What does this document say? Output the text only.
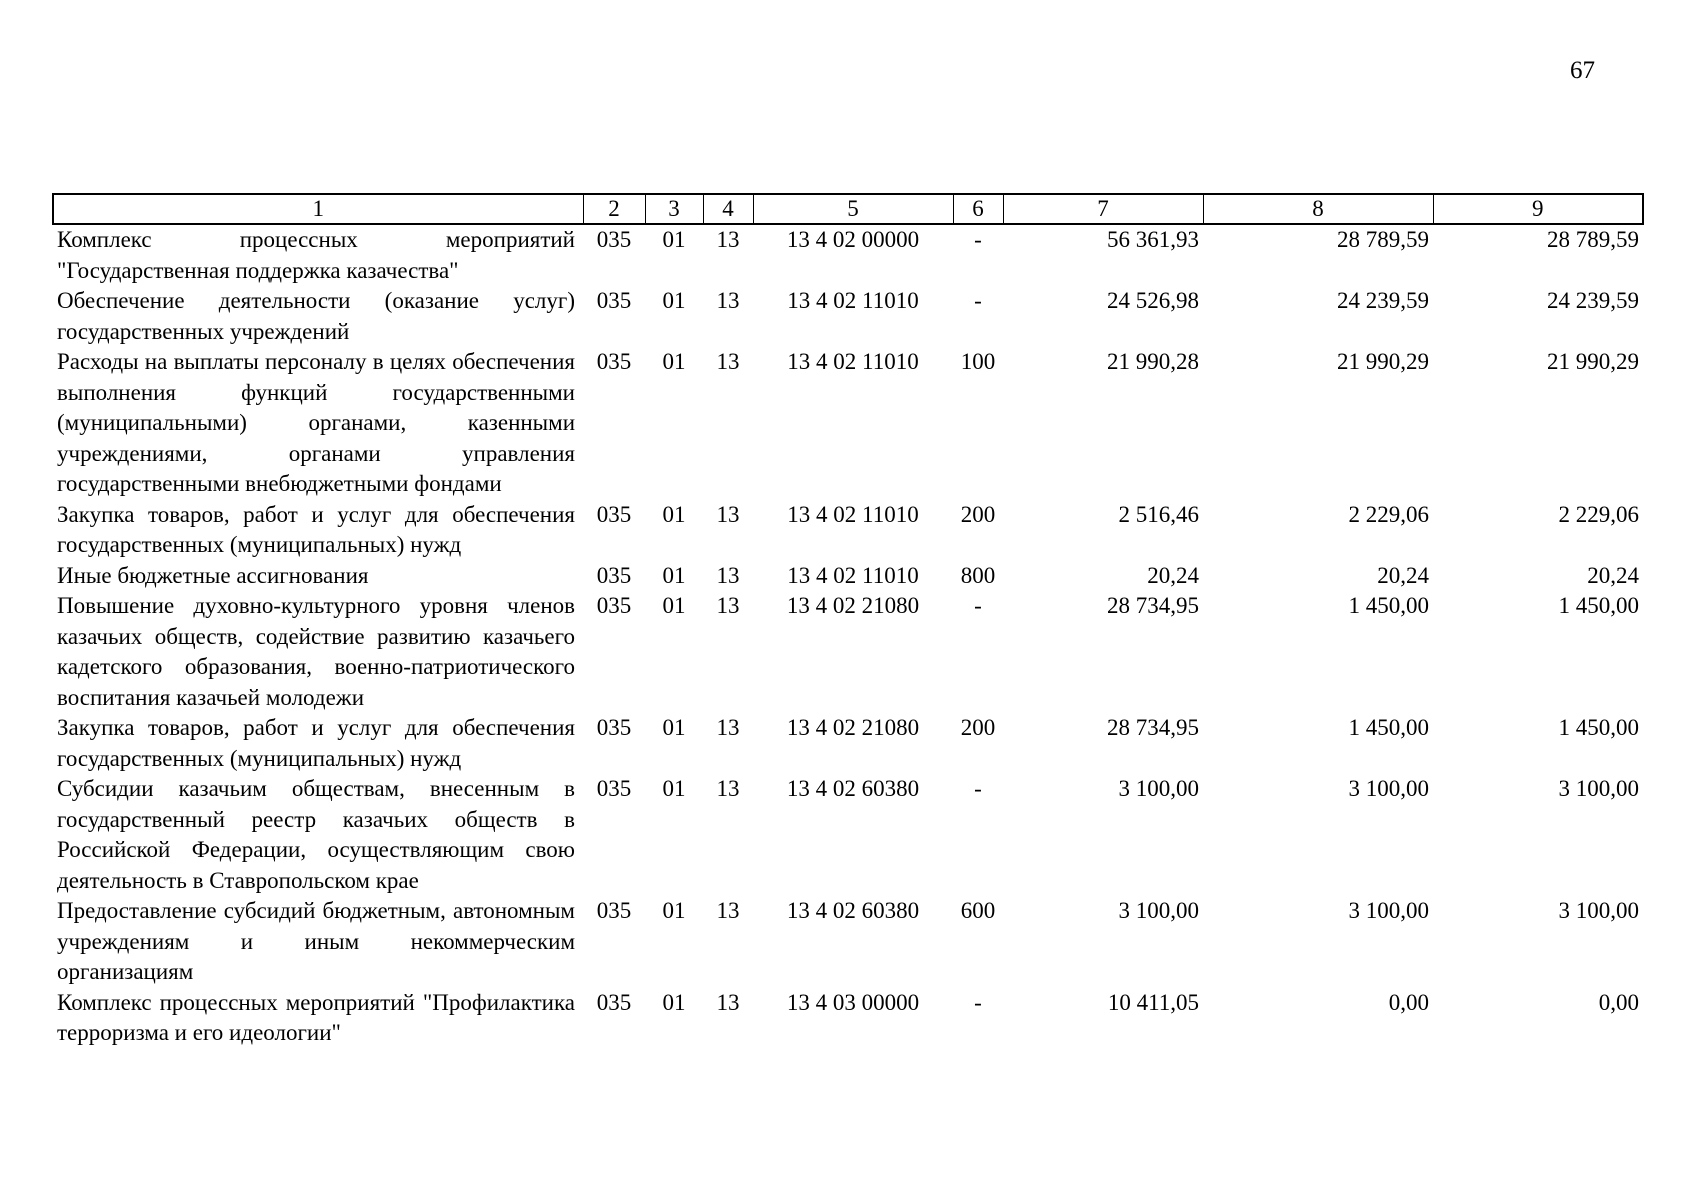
67
1	2	3	4	5	6	7	8	9
Комплекс процессных мероприятий "Государственная поддержка казачества"	035	01	13	13 4 02 00000	-	56 361,93	28 789,59	28 789,59
Обеспечение деятельности (оказание услуг) государственных учреждений	035	01	13	13 4 02 11010	-	24 526,98	24 239,59	24 239,59
Расходы на выплаты персоналу в целях обеспечения выполнения функций государственными (муниципальными) органами, казенными учреждениями, органами управления государственными внебюджетными фондами	035	01	13	13 4 02 11010	100	21 990,28	21 990,29	21 990,29
Закупка товаров, работ и услуг для обеспечения государственных (муниципальных) нужд	035	01	13	13 4 02 11010	200	2 516,46	2 229,06	2 229,06
Иные бюджетные ассигнования	035	01	13	13 4 02 11010	800	20,24	20,24	20,24
Повышение духовно-культурного уровня членов казачьих обществ, содействие развитию казачьего кадетского образования, военно-патриотического воспитания казачьей молодежи	035	01	13	13 4 02 21080	-	28 734,95	1 450,00	1 450,00
Закупка товаров, работ и услуг для обеспечения государственных (муниципальных) нужд	035	01	13	13 4 02 21080	200	28 734,95	1 450,00	1 450,00
Субсидии казачьим обществам, внесенным в государственный реестр казачьих обществ в Российской Федерации, осуществляющим свою деятельность в Ставропольском крае	035	01	13	13 4 02 60380	-	3 100,00	3 100,00	3 100,00
Предоставление субсидий бюджетным, автономным учреждениям и иным некоммерческим организациям	035	01	13	13 4 02 60380	600	3 100,00	3 100,00	3 100,00
Комплекс процессных мероприятий "Профилактика терроризма и его идеологии"	035	01	13	13 4 03 00000	-	10 411,05	0,00	0,00
